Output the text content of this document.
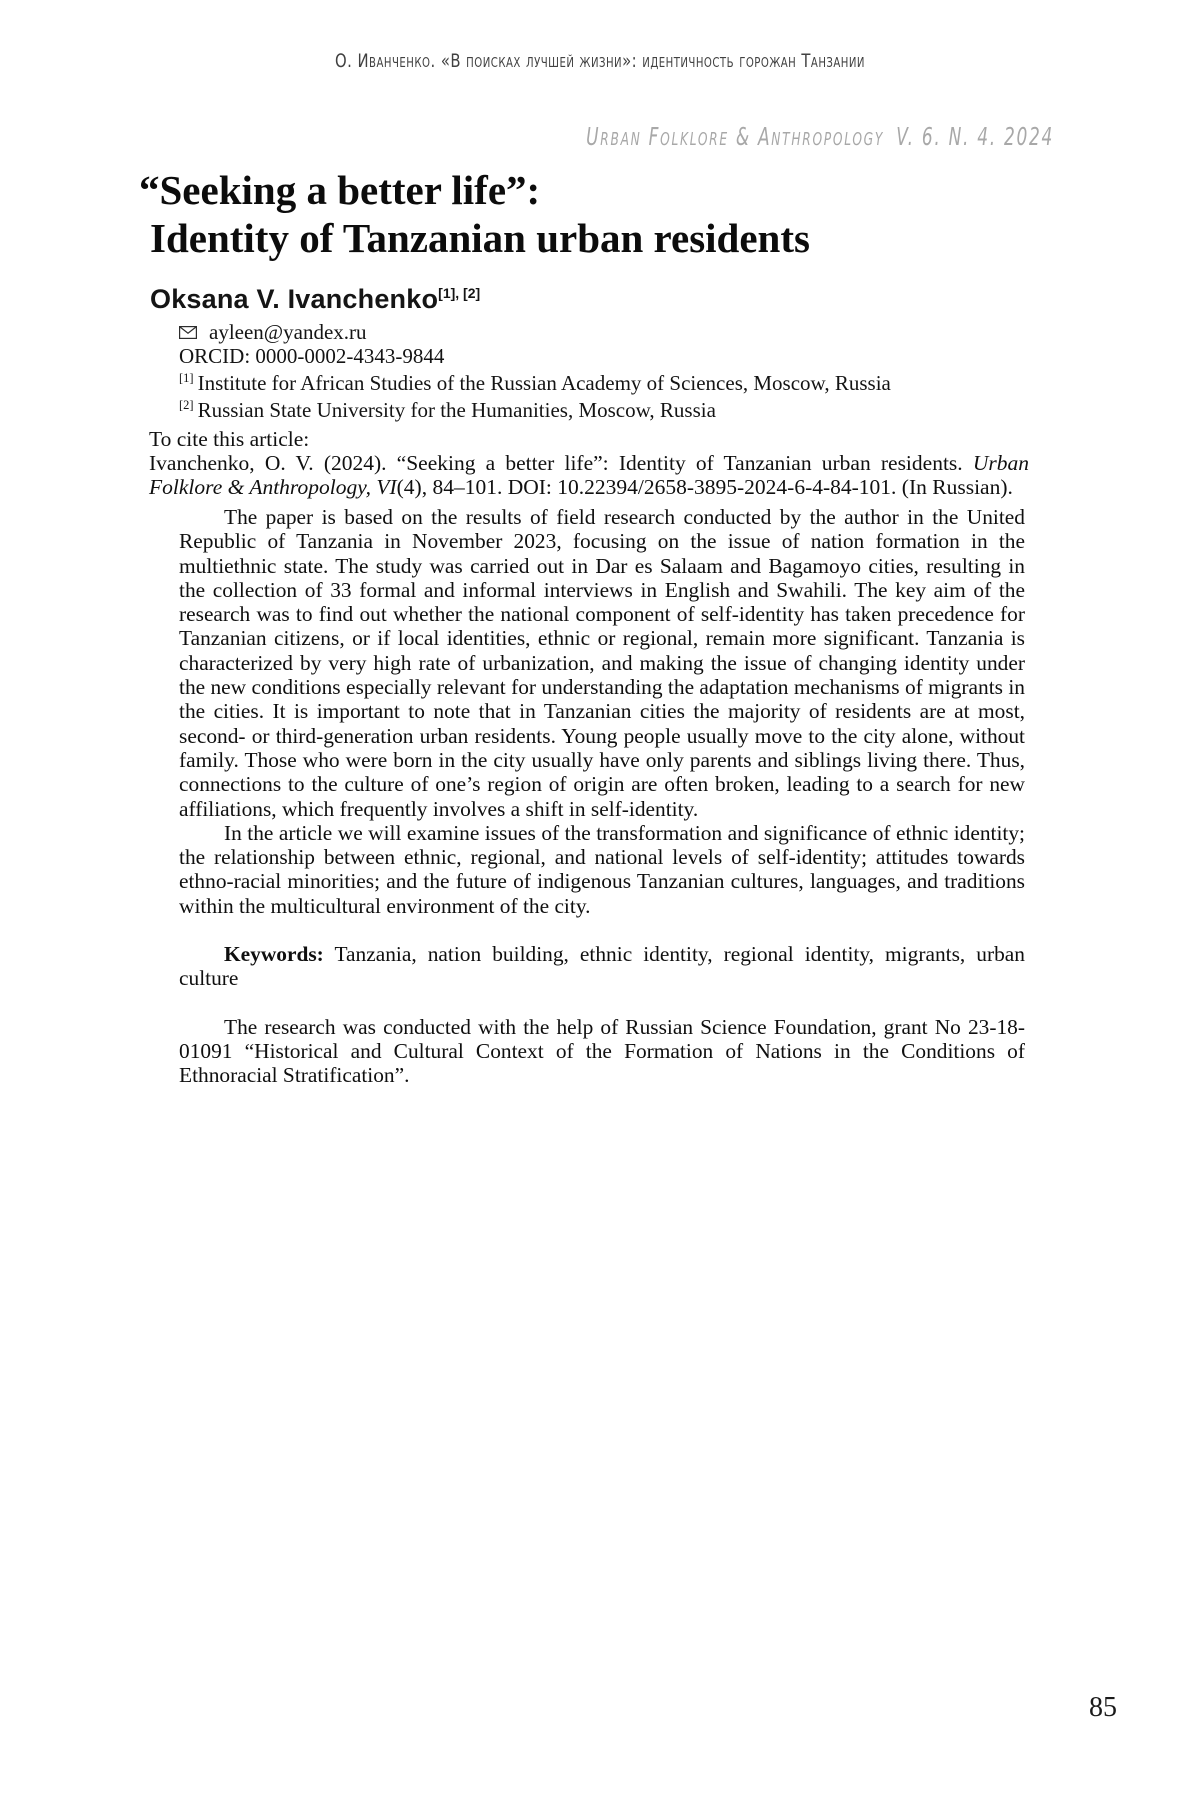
О. Иванченко. «В поисках лучшей жизни»: идентичность горожан Танзании
Urban Folklore & Anthropology V. 6. N. 4. 2024
“Seeking a better life”:
Identity of Tanzanian urban residents
Oksana V. Ivanchenko[1], [2]
ayleen@yandex.ru
ORCID: 0000-0002-4343-9844
[1] Institute for African Studies of the Russian Academy of Sciences, Moscow, Russia
[2] Russian State University for the Humanities, Moscow, Russia
To cite this article:

Ivanchenko, O. V. (2024). “Seeking a better life”: Identity of Tanzanian urban residents. Urban Folklore & Anthropology, VI(4), 84–101. DOI: 10.22394/2658-3895-2024-6-4-84-101. (In Russian).

The paper is based on the results of field research conducted by the author in the United Republic of Tanzania in November 2023, focusing on the issue of nation formation in the multiethnic state. The study was carried out in Dar es Salaam and Bagamoyo cities, resulting in the collection of 33 formal and informal interviews in English and Swahili. The key aim of the research was to find out whether the national component of self-identity has taken precedence for Tanzanian citizens, or if local identities, ethnic or regional, remain more significant. Tanzania is characterized by very high rate of urbanization, and making the issue of changing identity under the new conditions especially relevant for understanding the adaptation mechanisms of migrants in the cities. It is important to note that in Tanzanian cities the majority of residents are at most, second- or third-generation urban residents. Young people usually move to the city alone, without family. Those who were born in the city usually have only parents and siblings living there. Thus, connections to the culture of one’s region of origin are often broken, leading to a search for new affiliations, which frequently involves a shift in self-identity.

In the article we will examine issues of the transformation and significance of ethnic identity; the relationship between ethnic, regional, and national levels of self-identity; attitudes towards ethno-racial minorities; and the future of indigenous Tanzanian cultures, languages, and traditions within the multicultural environment of the city.

Keywords: Tanzania, nation building, ethnic identity, regional identity, migrants, urban culture

The research was conducted with the help of Russian Science Foundation, grant No 23-18-01091 “Historical and Cultural Context of the Formation of Nations in the Conditions of Ethnoracial Stratification”.

85
